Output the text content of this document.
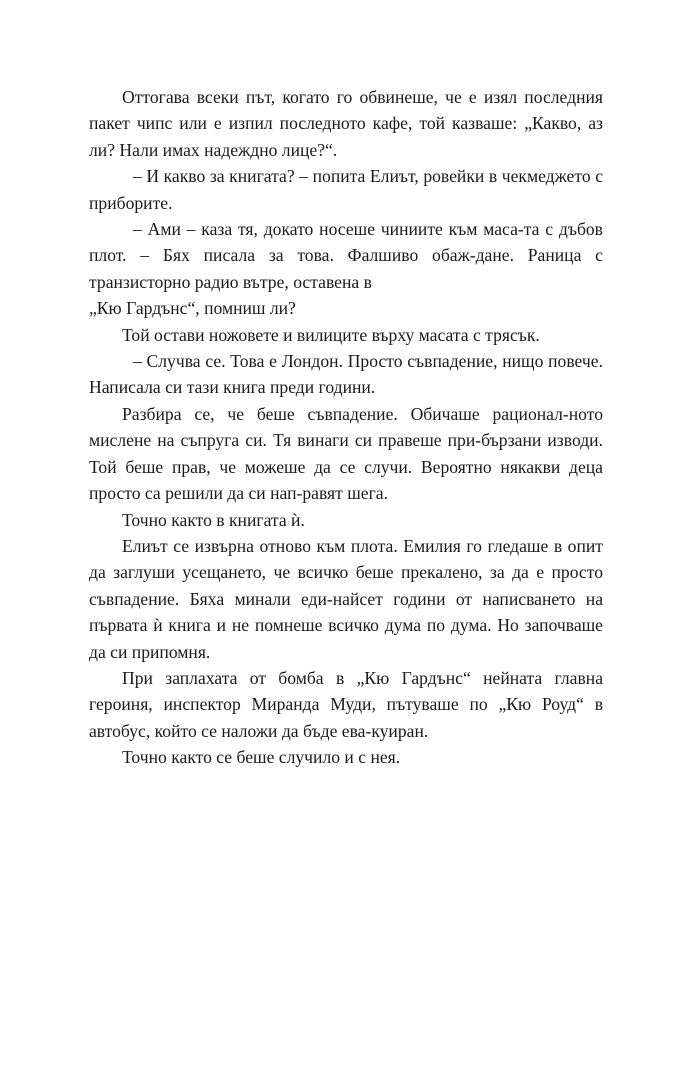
Оттогава всеки път, когато го обвинеше, че е изял последния пакет чипс или е изпил последното кафе, той казваше: „Какво, аз ли? Нали имах надеждно лице?“.

– И какво за книгата? – попита Елиът, ровейки в чекмеджето с приборите.

– Ами – каза тя, докато носеше чиниите към маса-та с дъбов плот. – Бях писала за това. Фалшиво обаж-дане. Раница с транзисторно радио вътре, оставена в

„Кю Гардънс“, помниш ли?

Той остави ножовете и вилиците върху масата с трясък.

– Случва се. Това е Лондон. Просто съвпадение, нищо повече. Написала си тази книга преди години.

Разбира се, че беше съвпадение. Обичаше рационал-ното мислене на съпруга си. Тя винаги си правеше при-бързани изводи. Той беше прав, че можеше да се случи. Вероятно някакви деца просто са решили да си нап-равят шега.

Точно както в книгата ѝ.

Елиът се извърна отново към плота. Емилия го гледаше в опит да заглуши усещането, че всичко беше прекалено, за да е просто съвпадение. Бяха минали еди-найсет години от написването на първата ѝ книга и не помнеше всичко дума по дума. Но започваше да си припомня.

При заплахата от бомба в „Кю Гардънс“ нейната главна героиня, инспектор Миранда Муди, пътуваше по „Кю Роуд“ в автобус, който се наложи да бъде ева-куиран.

Точно както се беше случило и с нея.
